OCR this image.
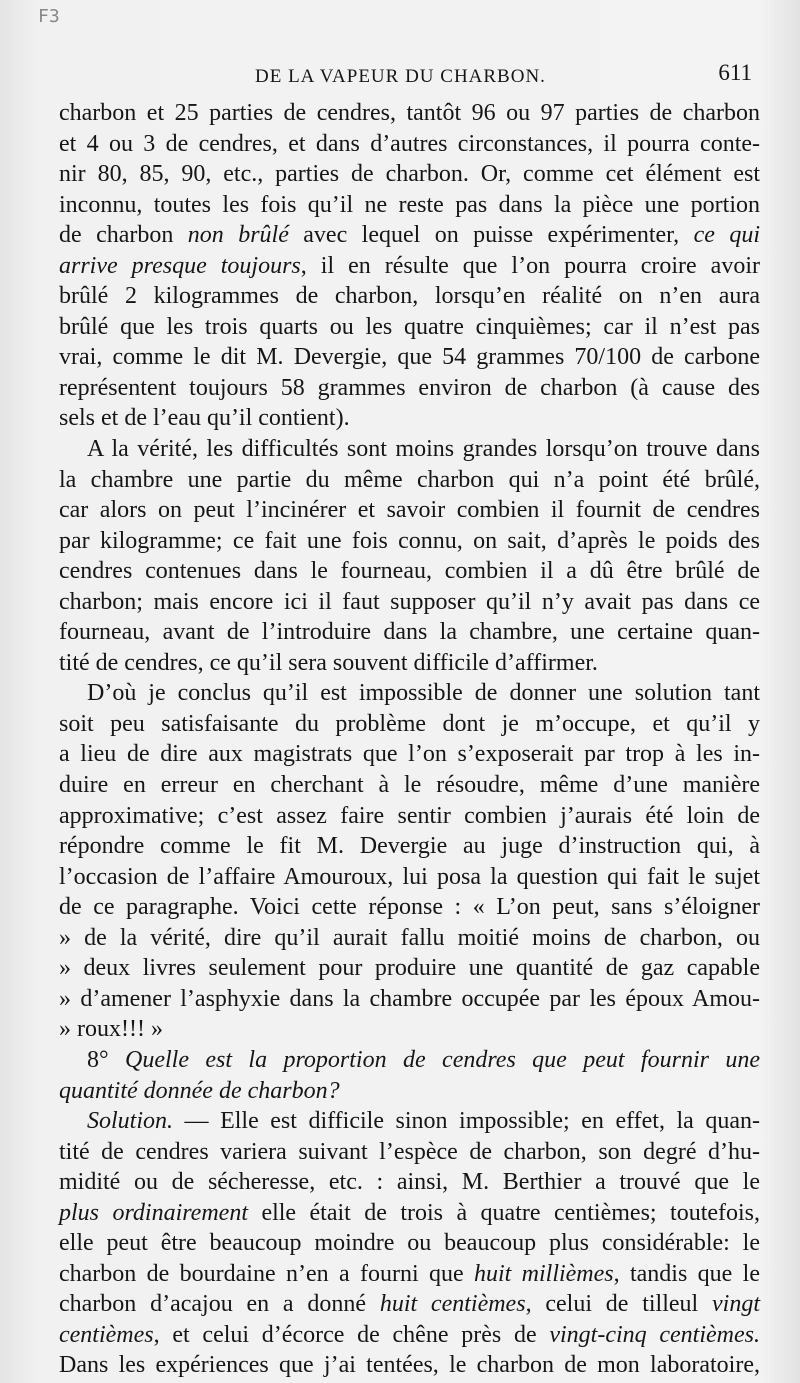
F3
DE LA VAPEUR DU CHARBON.	611
charbon et 25 parties de cendres, tantôt 96 ou 97 parties de charbon
et 4 ou 3 de cendres, et dans d’autres circonstances, il pourra conte-
nir 80, 85, 90, etc., parties de charbon. Or, comme cet élément est
inconnu, toutes les fois qu’il ne reste pas dans la pièce une portion
de charbon non brûlé avec lequel on puisse expérimenter, ce qui
arrive presque toujours, il en résulte que l’on pourra croire avoir
brûlé 2 kilogrammes de charbon, lorsqu’en réalité on n’en aura
brûlé que les trois quarts ou les quatre cinquièmes; car il n’est pas
vrai, comme le dit M. Devergie, que 54 grammes 70/100 de carbone
représentent toujours 58 grammes environ de charbon (à cause des
sels et de l’eau qu’il contient).
A la vérité, les difficultés sont moins grandes lorsqu’on trouve dans
la chambre une partie du même charbon qui n’a point été brûlé,
car alors on peut l’incinérer et savoir combien il fournit de cendres
par kilogramme; ce fait une fois connu, on sait, d’après le poids des
cendres contenues dans le fourneau, combien il a dû être brûlé de
charbon; mais encore ici il faut supposer qu’il n’y avait pas dans ce
fourneau, avant de l’introduire dans la chambre, une certaine quan-
tité de cendres, ce qu’il sera souvent difficile d’affirmer.
D’où je conclus qu’il est impossible de donner une solution tant
soit peu satisfaisante du problème dont je m’occupe, et qu’il y
a lieu de dire aux magistrats que l’on s’exposerait par trop à les in-
duire en erreur en cherchant à le résoudre, même d’une manière
approximative; c’est assez faire sentir combien j’aurais été loin de
répondre comme le fit M. Devergie au juge d’instruction qui, à
l’occasion de l’affaire Amouroux, lui posa la question qui fait le sujet
de ce paragraphe. Voici cette réponse : « L’on peut, sans s’éloigner
» de la vérité, dire qu’il aurait fallu moitié moins de charbon, ou
» deux livres seulement pour produire une quantité de gaz capable
» d’amener l’asphyxie dans la chambre occupée par les époux Amou-
» roux!!! »
8° Quelle est la proportion de cendres que peut fournir une
quantité donnée de charbon?
Solution. — Elle est difficile sinon impossible; en effet, la quan-
tité de cendres variera suivant l’espèce de charbon, son degré d’hu-
midité ou de sécheresse, etc. : ainsi, M. Berthier a trouvé que le
plus ordinairement elle était de trois à quatre centièmes; toutefois,
elle peut être beaucoup moindre ou beaucoup plus considérable: le
charbon de bourdaine n’en a fourni que huit millièmes, tandis que le
charbon d’acajou en a donné huit centièmes, celui de tilleul vingt
centièmes, et celui d’écorce de chêne près de vingt-cinq centièmes.
Dans les expériences que j’ai tentées, le charbon de mon laboratoire,
